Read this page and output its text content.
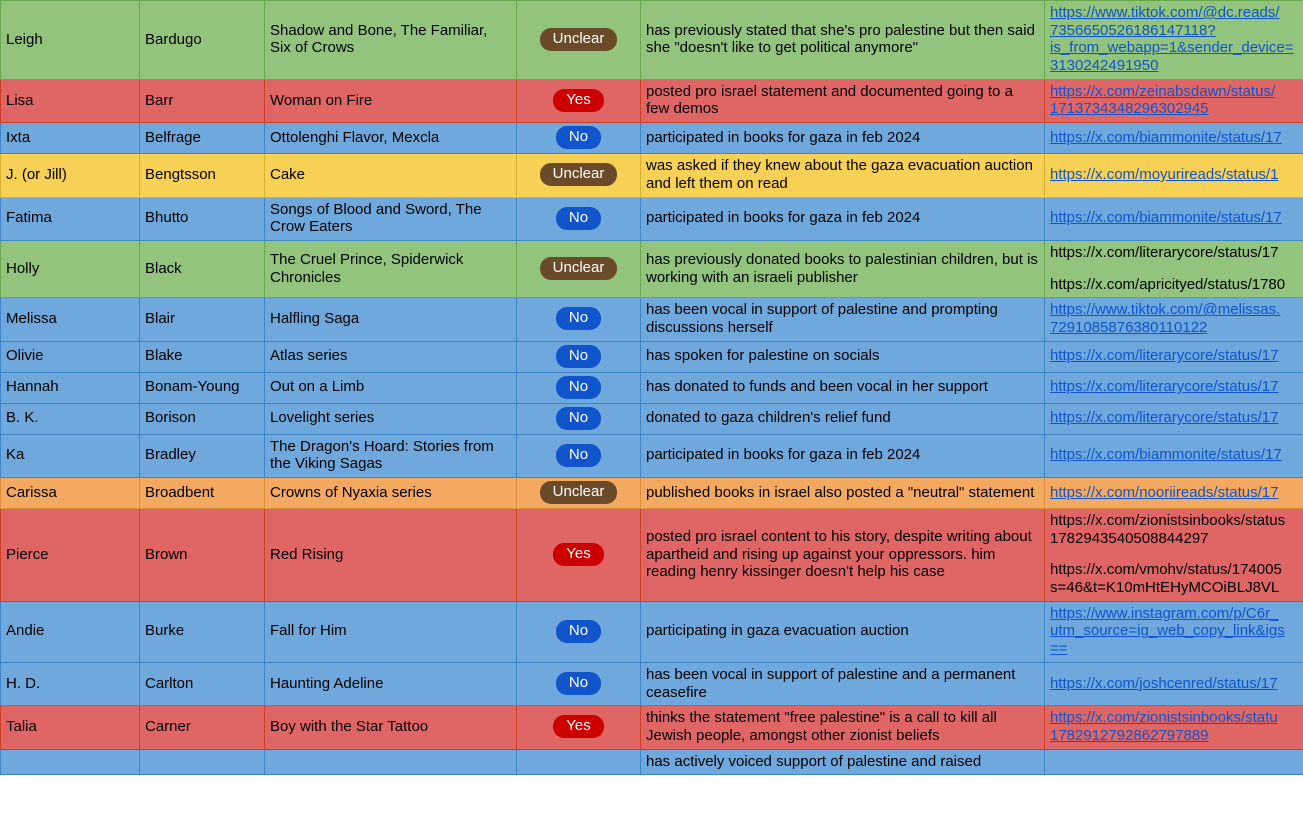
Leigh	Bardugo	Shadow and Bone, The Familiar, Six of Crows	Unclear	has previously stated that she's pro palestine but then said she "doesn't like to get political anymore"	https://www.tiktok.com/@dc.reads/
7356650526186147118?
is_from_webapp=1&sender_device=
3130242491950

Lisa	Barr	Woman on Fire	Yes	posted pro israel statement and documented going to a few demos	https://x.com/zeinabsdawn/status/
1713734348296302945

Ixta	Belfrage	Ottolenghi Flavor, Mexcla	No	participated in books for gaza in feb 2024	https://x.com/biammonite/status/17

J. (or Jill)	Bengtsson	Cake	Unclear	was asked if they knew about the gaza evacuation auction and left them on read	https://x.com/moyurireads/status/1

Fatima	Bhutto	Songs of Blood and Sword, The Crow Eaters	No	participated in books for gaza in feb 2024	https://x.com/biammonite/status/17

Holly	Black	The Cruel Prince, Spiderwick Chronicles	Unclear	has previously donated books to palestinian children, but is working with an israeli publisher	https://x.com/literarycore/status/17
https://x.com/apricityed/status/1780

Melissa	Blair	Halfling Saga	No	has been vocal in support of palestine and prompting discussions herself	https://www.tiktok.com/@melissas.
7291085876380110122

Olivie	Blake	Atlas series	No	has spoken for palestine on socials	https://x.com/literarycore/status/17

Hannah	Bonam-Young	Out on a Limb	No	has donated to funds and been vocal in her support	https://x.com/literarycore/status/17

B. K.	Borison	Lovelight series	No	donated to gaza children's relief fund	https://x.com/literarycore/status/17

Ka	Bradley	The Dragon's Hoard: Stories from the Viking Sagas	No	participated in books for gaza in feb 2024	https://x.com/biammonite/status/17

Carissa	Broadbent	Crowns of Nyaxia series	Unclear	published books in israel also posted a "neutral" statement	https://x.com/nooriireads/status/17

Pierce	Brown	Red Rising	Yes	posted pro israel content to his story, despite writing about apartheid and rising up against your oppressors. him reading henry kissinger doesn't help his case	https://x.com/zionistsinbooks/status
1782943540508844297
https://x.com/vmohv/status/174005
s=46&t=K10mHtEHyMCOiBLJ8VL

Andie	Burke	Fall for Him	No	participating in gaza evacuation auction	https://www.instagram.com/p/C6r_
utm_source=ig_web_copy_link&igs
==

H. D.	Carlton	Haunting Adeline	No	has been vocal in support of palestine and a permanent ceasefire	https://x.com/joshcenred/status/17

Talia	Carner	Boy with the Star Tattoo	Yes	thinks the statement "free palestine" is a call to kill all Jewish people, amongst other zionist beliefs	https://x.com/zionistsinbooks/statu
1782912792862797889

				has actively voiced support of palestine and raised	
